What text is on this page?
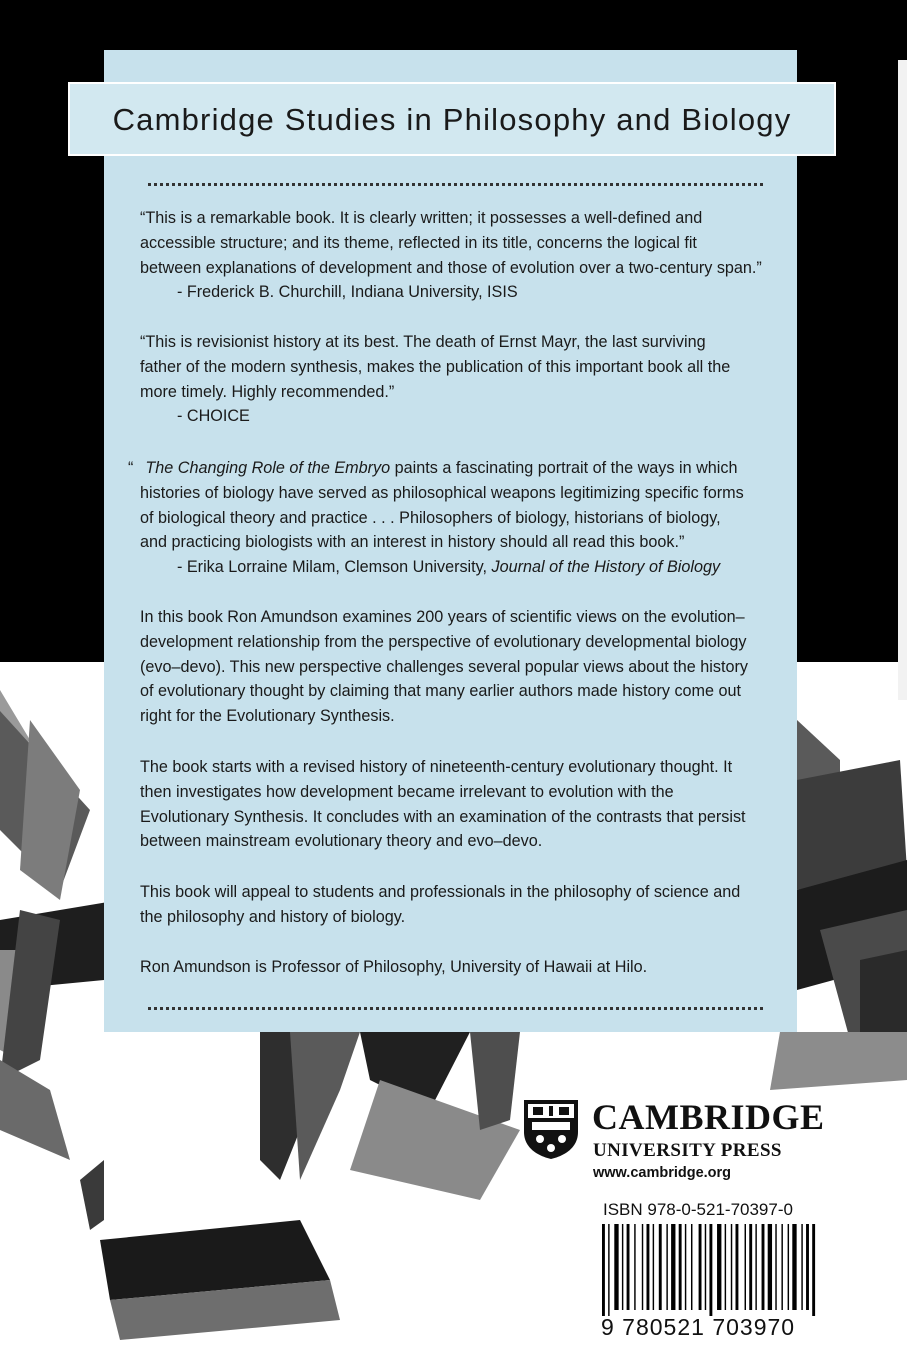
Cambridge Studies in Philosophy and Biology

“This is a remarkable book. It is clearly written; it possesses a well-defined and
accessible structure; and its theme, reflected in its title, concerns the logical fit
between explanations of development and those of evolution over a two-century span.”
- Frederick B. Churchill, Indiana University, ISIS

“This is revisionist history at its best. The death of Ernst Mayr, the last surviving
father of the modern synthesis, makes the publication of this important book all the
more timely. Highly recommended.”
- CHOICE

“ The Changing Role of the Embryo paints a fascinating portrait of the ways in which
histories of biology have served as philosophical weapons legitimizing specific forms
of biological theory and practice . . . Philosophers of biology, historians of biology,
and practicing biologists with an interest in history should all read this book.”
- Erika Lorraine Milam, Clemson University, Journal of the History of Biology

In this book Ron Amundson examines 200 years of scientific views on the evolution–
development relationship from the perspective of evolutionary developmental biology
(evo–devo). This new perspective challenges several popular views about the history
of evolutionary thought by claiming that many earlier authors made history come out
right for the Evolutionary Synthesis.

The book starts with a revised history of nineteenth-century evolutionary thought. It
then investigates how development became irrelevant to evolution with the
Evolutionary Synthesis. It concludes with an examination of the contrasts that persist
between mainstream evolutionary theory and evo–devo.

This book will appeal to students and professionals in the philosophy of science and
the philosophy and history of biology.

Ron Amundson is Professor of Philosophy, University of Hawaii at Hilo.

CAMBRIDGE
UNIVERSITY PRESS
www.cambridge.org
ISBN 978-0-521-70397-0
9 780521 703970
